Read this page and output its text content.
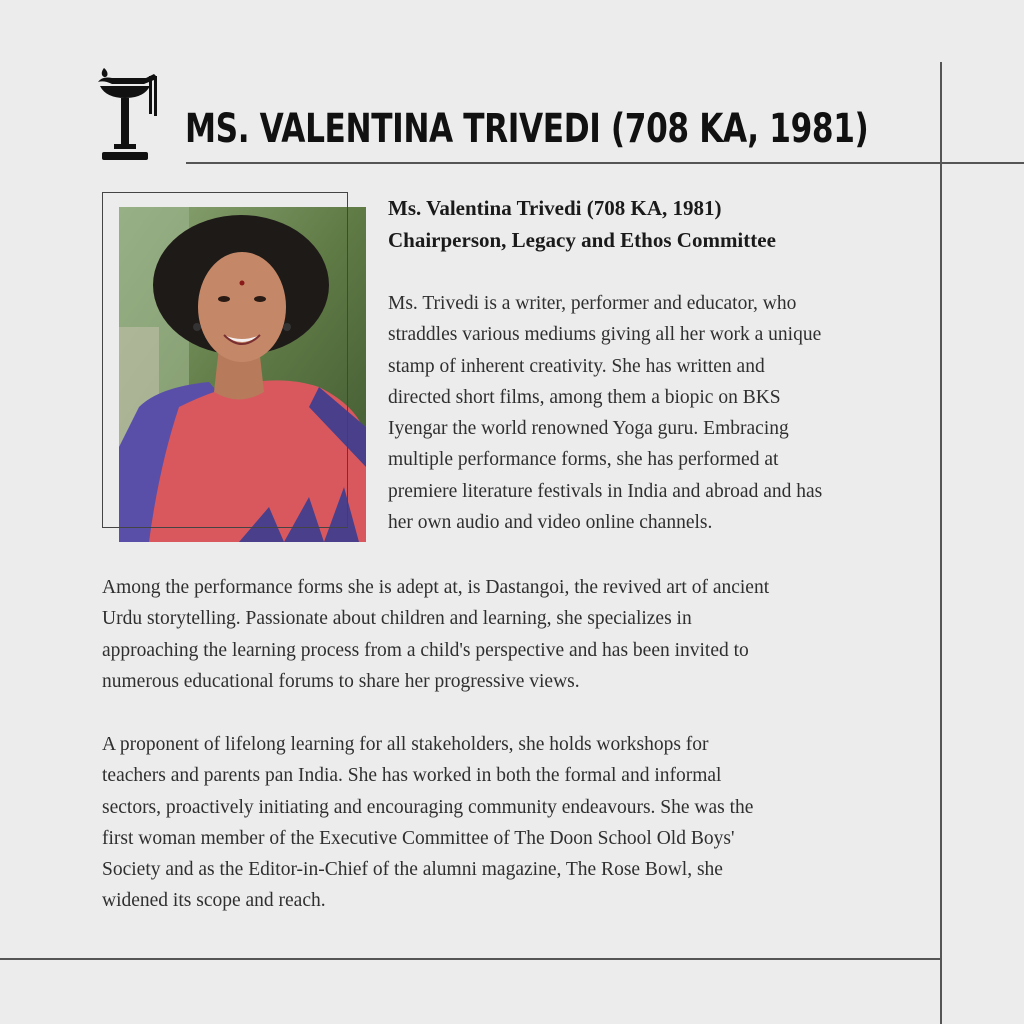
MS. VALENTINA TRIVEDI (708 KA, 1981)
Ms. Valentina Trivedi (708 KA, 1981)
Chairperson, Legacy and Ethos Committee
Ms. Trivedi is a writer, performer and educator, who
straddles various mediums giving all her work a unique
stamp of inherent creativity. She has written and
directed short films, among them a biopic on BKS
Iyengar the world renowned Yoga guru. Embracing
multiple performance forms, she has performed at
premiere literature festivals in India and abroad and has
her own audio and video online channels.
Among the performance forms she is adept at, is Dastangoi, the revived art of ancient
Urdu storytelling. Passionate about children and learning, she specializes in
approaching the learning process from a child's perspective and has been invited to
numerous educational forums to share her progressive views.
A proponent of lifelong learning for all stakeholders, she holds workshops for
teachers and parents pan India. She has worked in both the formal and informal
sectors, proactively initiating and encouraging community endeavours. She was the
first woman member of the Executive Committee of The Doon School Old Boys'
Society and as the Editor-in-Chief of the alumni magazine, The Rose Bowl, she
widened its scope and reach.
